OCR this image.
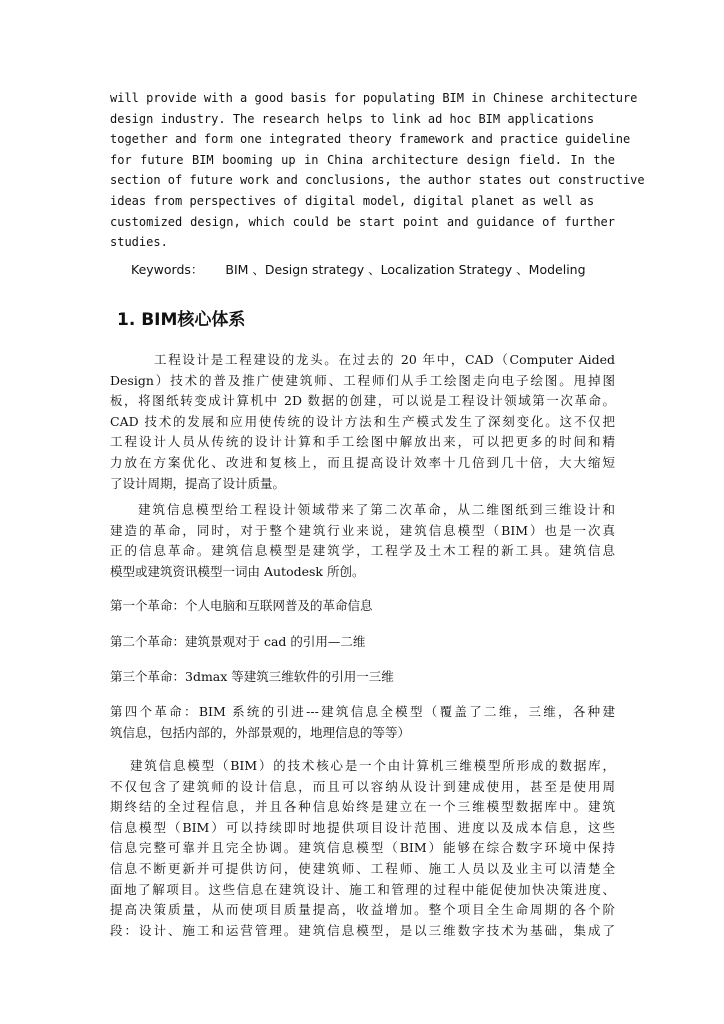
will provide with a good basis for populating BIM in Chinese architecture
design industry. The research helps to link ad hoc BIM applications
together and form one integrated theory framework and practice guideline
for future BIM booming up in China architecture design field. In the
section of future work and conclusions, the author states out constructive
ideas from perspectives of digital model, digital planet as well as
customized design, which could be start point and guidance of further
studies.
Keywords： BIM 、Design strategy 、Localization Strategy 、Modeling
1. BIM核心体系
工程设计是工程建设的龙头。在过去的 20 年中，CAD（Computer Aided
Design）技术的普及推广使建筑师、工程师们从手工绘图走向电子绘图。甩掉图
板，将图纸转变成计算机中 2D 数据的创建，可以说是工程设计领域第一次革命。
CAD 技术的发展和应用使传统的设计方法和生产模式发生了深刻变化。这不仅把
工程设计人员从传统的设计计算和手工绘图中解放出来，可以把更多的时间和精
力放在方案优化、改进和复核上，而且提高设计效率十几倍到几十倍，大大缩短
了设计周期，提高了设计质量。
建筑信息模型给工程设计领域带来了第二次革命，从二维图纸到三维设计和
建造的革命，同时，对于整个建筑行业来说，建筑信息模型（BIM）也是一次真
正的信息革命。建筑信息模型是建筑学，工程学及土木工程的新工具。建筑信息
模型或建筑资讯模型一词由 Autodesk 所创。

第一个革命：个人电脑和互联网普及的革命信息

第二个革命：建筑景观对于 cad 的引用—二维

第三个革命：3dmax 等建筑三维软件的引用一三维

第四个革命：BIM 系统的引进---建筑信息全模型（覆盖了二维，三维，各种建
筑信息，包括内部的，外部景观的，地理信息的等等）
建筑信息模型（BIM）的技术核心是一个由计算机三维模型所形成的数据库，
不仅包含了建筑师的设计信息，而且可以容纳从设计到建成使用，甚至是使用周
期终结的全过程信息，并且各种信息始终是建立在一个三维模型数据库中。建筑
信息模型（BIM）可以持续即时地提供项目设计范围、进度以及成本信息，这些
信息完整可靠并且完全协调。建筑信息模型（BIM）能够在综合数字环境中保持
信息不断更新并可提供访问，使建筑师、工程师、施工人员以及业主可以清楚全
面地了解项目。这些信息在建筑设计、施工和管理的过程中能促使加快决策进度、
提高决策质量，从而使项目质量提高，收益增加。整个项目全生命周期的各个阶
段：设计、施工和运营管理。建筑信息模型，是以三维数字技术为基础，集成了
